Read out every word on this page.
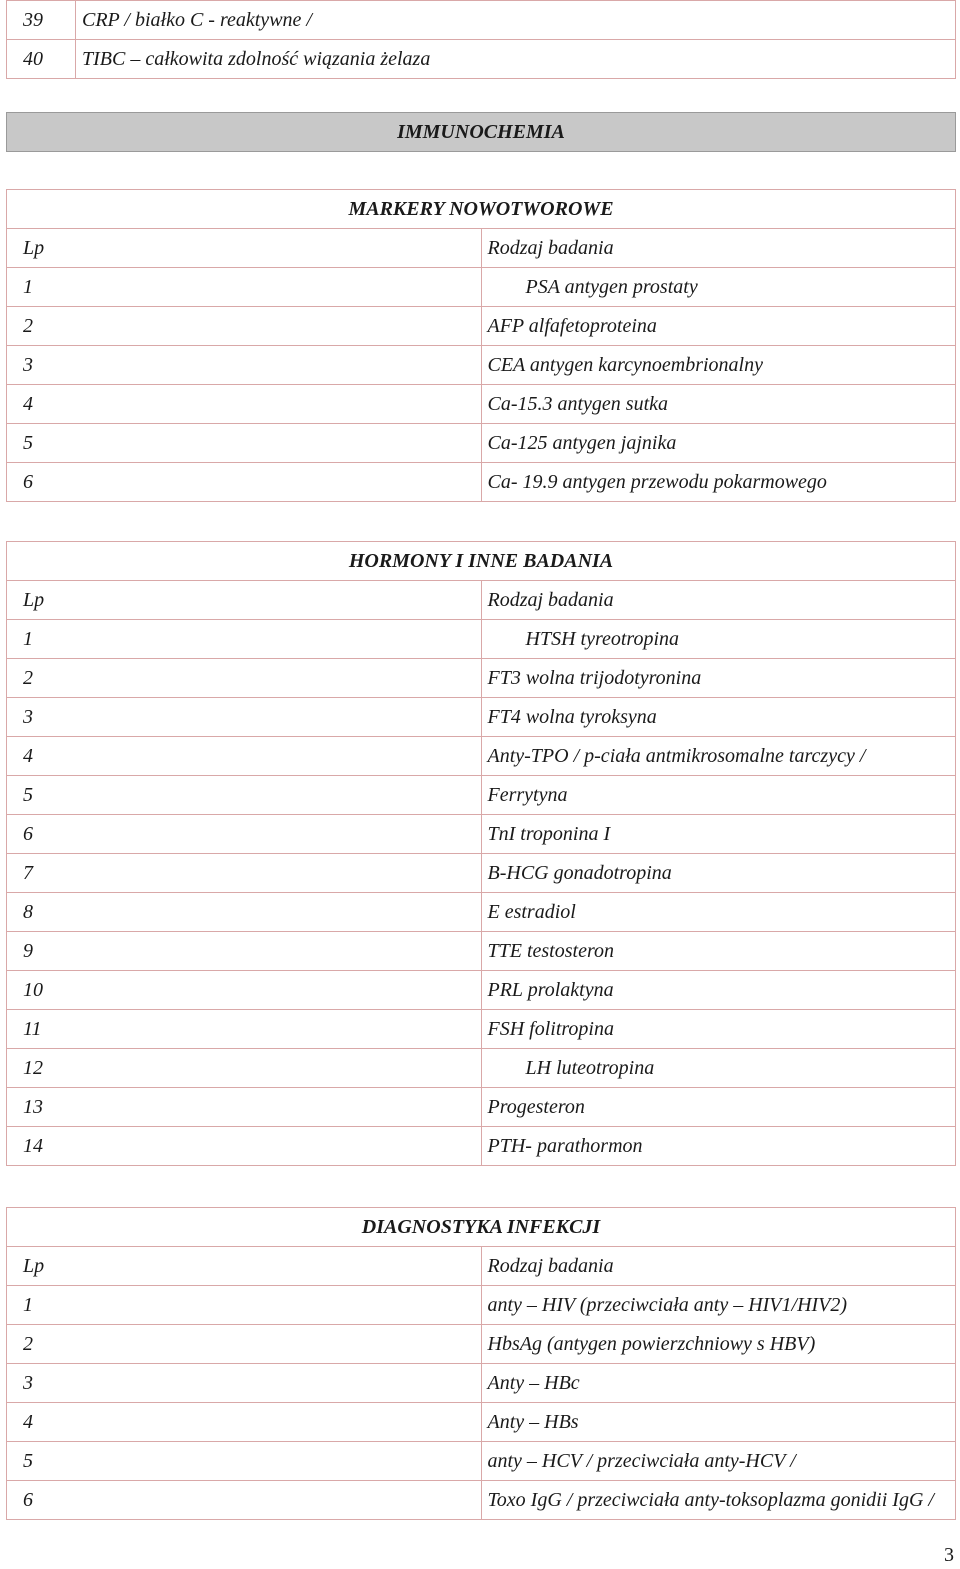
39	CRP / białko C - reaktywne /
40	TIBC – całkowita zdolność wiązania żelaza
IMMUNOCHEMIA
MARKERY NOWOTWOROWE	
Lp	Rodzaj badania
1	PSA antygen prostaty
2	AFP alfafetoproteina
3	CEA antygen karcynoembrionalny
4	Ca-15.3 antygen sutka
5	Ca-125 antygen jajnika
6	Ca- 19.9 antygen przewodu pokarmowego
HORMONY I INNE BADANIA	
Lp	Rodzaj badania
1	HTSH tyreotropina
2	FT3 wolna trijodotyronina
3	FT4 wolna tyroksyna
4	Anty-TPO / p-ciała antmikrosomalne tarczycy /
5	Ferrytyna
6	TnI troponina I
7	B-HCG gonadotropina
8	E estradiol
9	TTE testosteron
10	PRL prolaktyna
11	FSH folitropina
12	LH luteotropina
13	Progesteron
14	PTH- parathormon
DIAGNOSTYKA INFEKCJI	
Lp	Rodzaj badania
1	anty – HIV (przeciwciała anty – HIV1/HIV2)
2	HbsAg (antygen powierzchniowy s HBV)
3	Anty – HBc
4	Anty – HBs
5	anty – HCV / przeciwciała anty-HCV /
6	Toxo IgG / przeciwciała anty-toksoplazma gonidii IgG /
3
